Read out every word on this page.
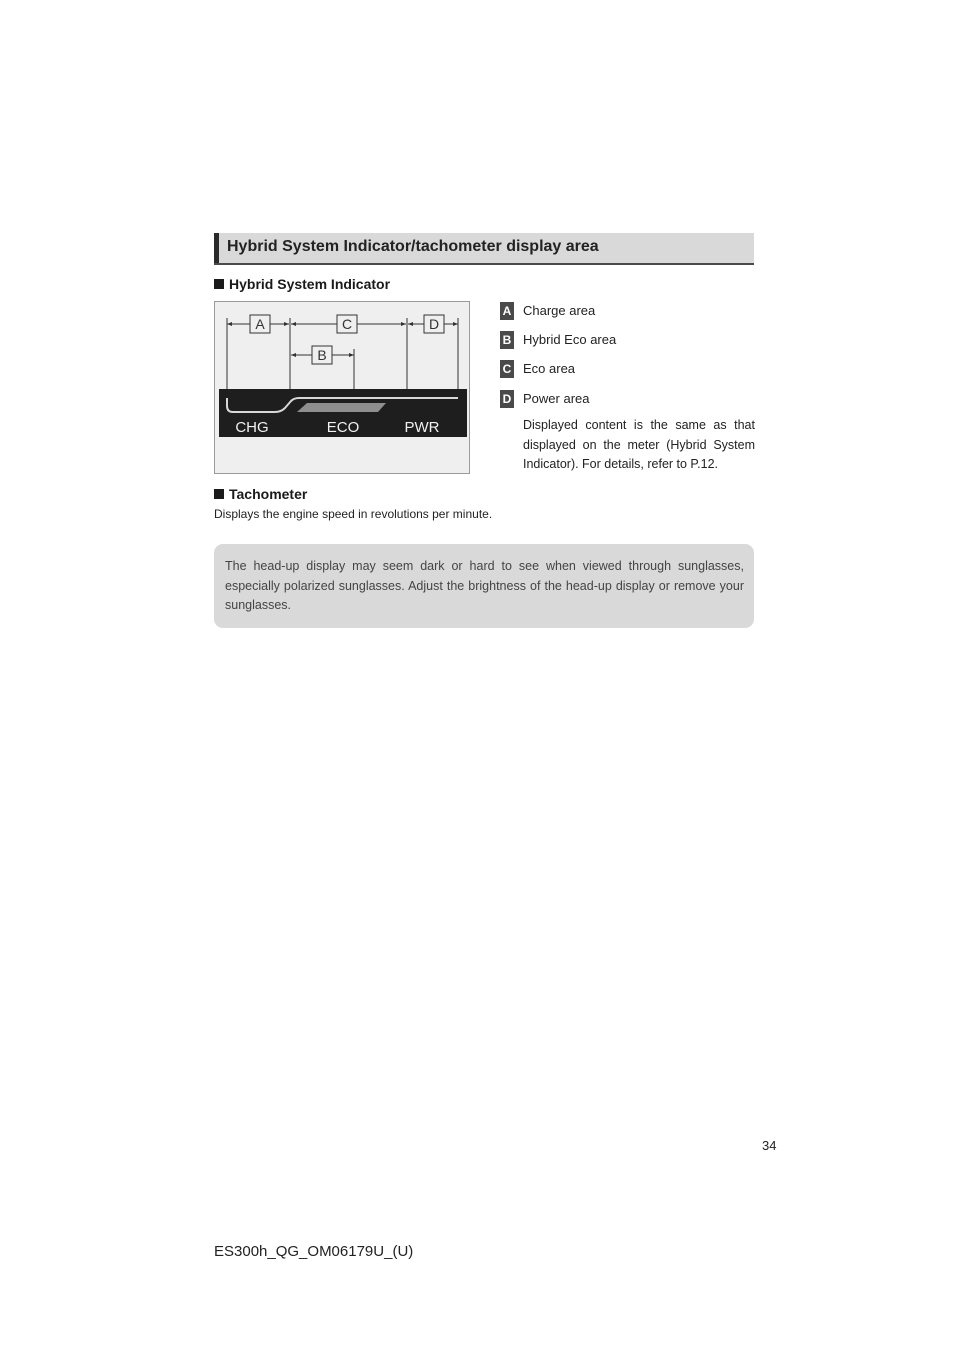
Hybrid System Indicator/tachometer display area
Hybrid System Indicator
A	C	D
B
CHG	ECO	PWR
A Charge area
B Hybrid Eco area
C Eco area
D Power area
Displayed content is the same as that displayed on the meter (Hybrid System Indicator). For details, refer to P.12.
Tachometer
Displays the engine speed in revolutions per minute.

The head-up display may seem dark or hard to see when viewed through sunglasses, especially polarized sunglasses. Adjust the brightness of the head-up display or remove your sunglasses.

34
ES300h_QG_OM06179U_(U)
